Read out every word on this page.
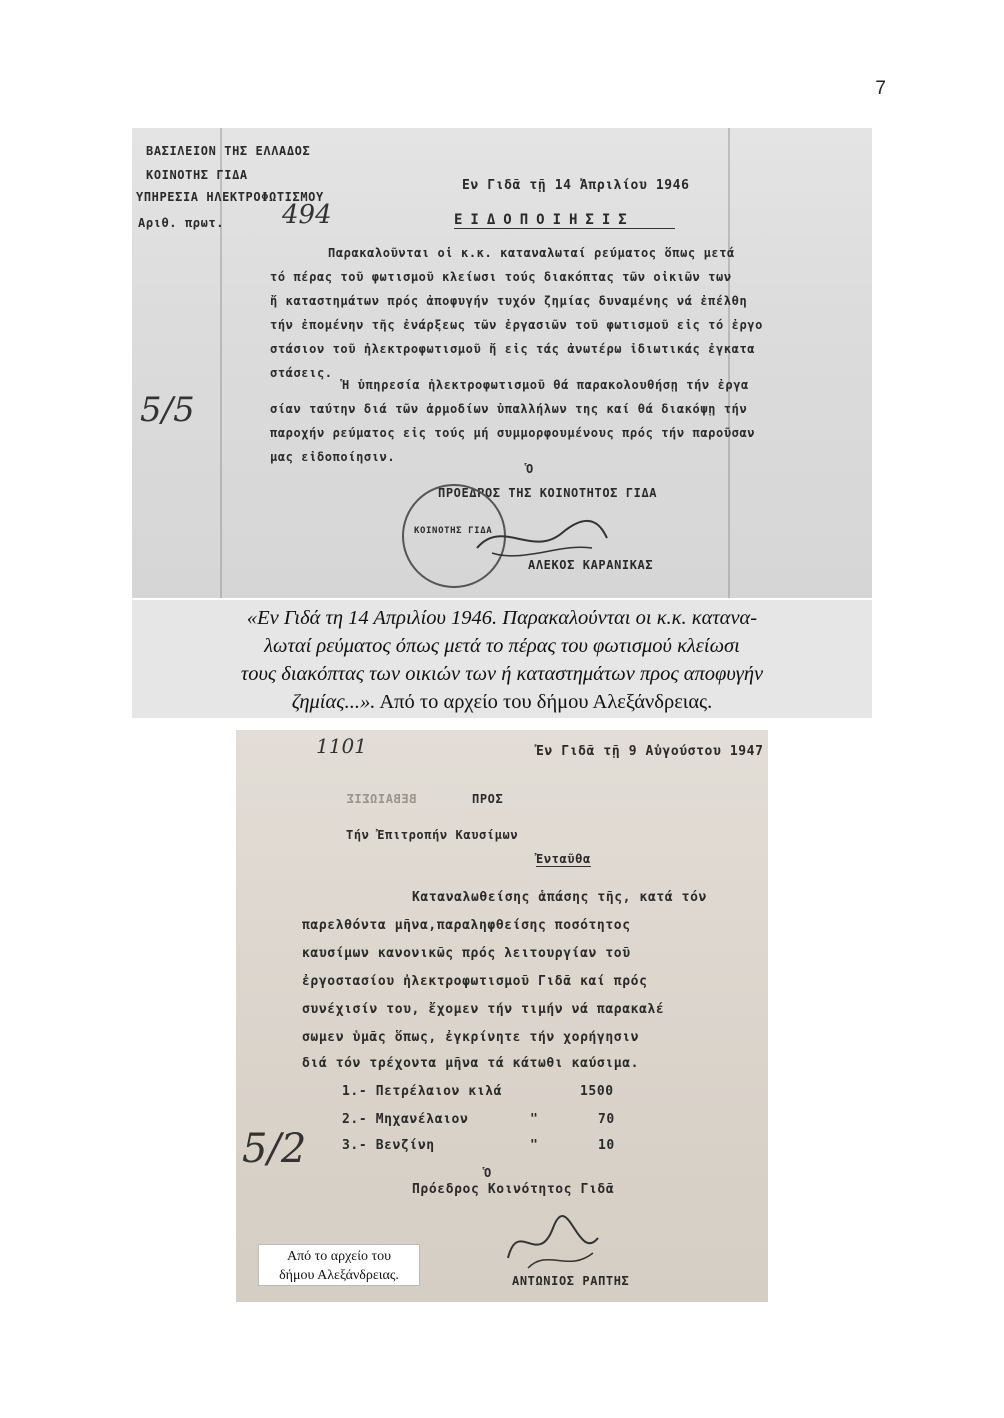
7
ΒΑΣΙΛΕΙΟΝ ΤΗΣ ΕΛΛΑΔΟΣ
ΚΟΙΝΟΤΗΣ ΓΙΔΑ
ΥΠΗΡΕΣΙΑ ΗΛΕΚΤΡΟΦΩΤΙΣΜΟΥ
Αριθ. πρωτ. 494
Εν Γιδᾶ τῇ 14 Ἀπριλίου 1946
ΕΙΔΟΠΟΙΗΣΙΣ
Παρακαλοῦνται οἱ κ.κ. καταναλωταί ρεύματος ὅπως μετά
τό πέρας τοῦ φωτισμοῦ κλείωσι τούς διακόπτας τῶν οἰκιῶν των
ἤ καταστημάτων πρός ἀποφυγήν τυχόν ζημίας δυναμένης νά ἐπέλθη
τήν ἐπομένην τῆς ἐνάρξεως τῶν ἐργασιῶν τοῦ φωτισμοῦ εἰς τό ἐργο
στάσιον τοῦ ἠλεκτροφωτισμοῦ ἤ εἰς τάς ἀνωτέρω ἰδιωτικάς ἐγκατα
στάσεις.
Ἡ ὑπηρεσία ἠλεκτροφωτισμοῦ θά παρακολουθήσῃ τήν ἐργα
σίαν ταύτην διά τῶν ἁρμοδίων ὑπαλλήλων της καί θά διακόψῃ τήν
παροχήν ρεύματος εἰς τούς μή συμμορφουμένους πρός τήν παροῦσαν
μας εἰδοποίησιν.
5/5
Ὁ
ΠΡΟΕΔΡΟΣ ΤΗΣ ΚΟΙΝΟΤΗΤΟΣ ΓΙΔΑ
ΚΟΙΝΟΤΗΣ ΓΙΔΑ
ΑΛΕΚΟΣ ΚΑΡΑΝΙΚΑΣ
«Εν Γιδά τη 14 Απριλίου 1946. Παρακαλούνται οι κ.κ. κατανα-
λωταί ρεύματος όπως μετά το πέρας του φωτισμού κλείωσι
τους διακόπτας των οικιών των ή καταστημάτων προς αποφυγήν
ζημίας...». Από το αρχείο του δήμου Αλεξάνδρειας.
1101	Ἐν Γιδᾶ τῇ 9 Αὐγούστου 1947
ΒΕΒΑΙΩΣΙΣ	ΠΡΟΣ
Τήν Ἐπιτροπήν Καυσίμων
Ἐνταῦθα
Καταναλωθείσης ἁπάσης τῆς, κατά τόν
παρελθόντα μῆνα,παραληφθείσης ποσότητος
καυσίμων κανονικῶς πρός λειτουργίαν τοῦ
ἐργοστασίου ἠλεκτροφωτισμοῦ Γιδᾶ καί πρός
συνέχισίν του, ἔχομεν τήν τιμήν νά παρακαλέ
σωμεν ὑμᾶς ὅπως, ἐγκρίνητε τήν χορήγησιν
διά τόν τρέχοντα μῆνα τά κάτωθι καύσιμα.
1.- Πετρέλαιον κιλά	1500
2.- Μηχανέλαιον	"	70
3.- Βενζίνη	"	10
5/2
Ὁ
Πρόεδρος Κοινότητος Γιδᾶ
ΑΝΤΩΝΙΟΣ ΡΑΠΤΗΣ
Από το αρχείο του
δήμου Αλεξάνδρειας.
